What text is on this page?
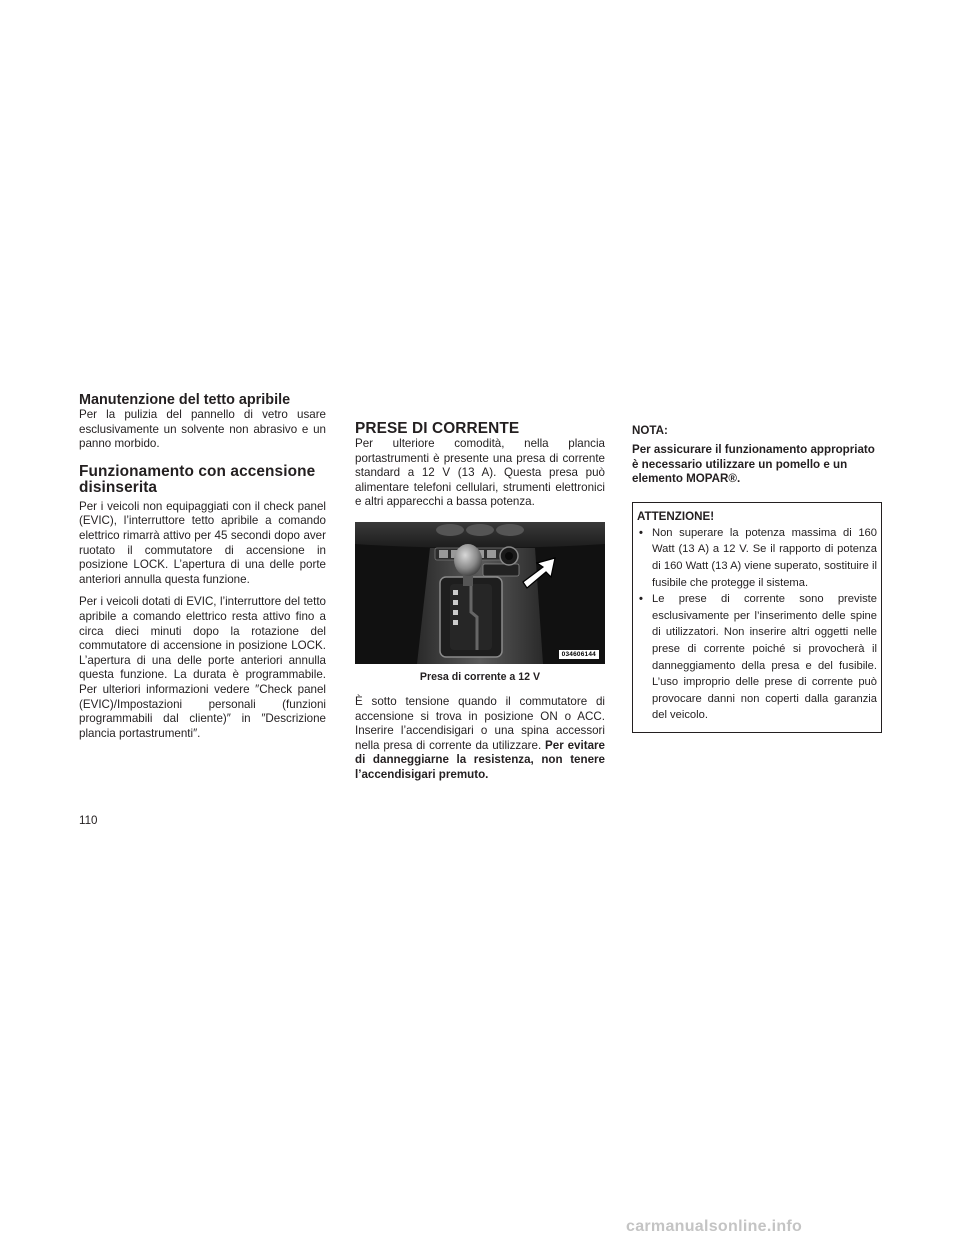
Manutenzione del tetto apribile

Per la pulizia del pannello di vetro usare esclusivamente un solvente non abrasivo e un panno morbido.

Funzionamento con accensione disinserita

Per i veicoli non equipaggiati con il check panel (EVIC), l’interruttore tetto apribile a comando elettrico rimarrà attivo per 45 secondi dopo aver ruotato il commutatore di accensione in posizione LOCK. L’apertura di una delle porte anteriori annulla questa funzione.

Per i veicoli dotati di EVIC, l’interruttore del tetto apribile a comando elettrico resta attivo fino a circa dieci minuti dopo la rotazione del commutatore di accensione in posizione LOCK. L’apertura di una delle porte anteriori annulla questa funzione. La durata è programmabile. Per ulteriori informazioni vedere ″Check panel (EVIC)/Impostazioni personali (funzioni programmabili dal cliente)″ in ″Descrizione plancia portastrumenti″.

PRESE DI CORRENTE

Per ulteriore comodità, nella plancia portastrumenti è presente una presa di corrente standard a 12 V (13 A). Questa presa può alimentare telefoni cellulari, strumenti elettronici e altri apparecchi a bassa potenza.

034606144
Presa di corrente a 12 V

È sotto tensione quando il commutatore di accensione si trova in posizione ON o ACC. Inserire l’accendisigari o una spina accessori nella presa di corrente da utilizzare. Per evitare di danneggiarne la resistenza, non tenere l’accendisigari premuto.

NOTA:
Per assicurare il funzionamento appropriato è necessario utilizzare un pomello e un elemento MOPAR®.
ATTENZIONE!
• Non superare la potenza massima di 160 Watt (13 A) a 12 V. Se il rapporto di potenza di 160 Watt (13 A) viene superato, sostituire il fusibile che protegge il sistema.
• Le prese di corrente sono previste esclusivamente per l’inserimento delle spine di utilizzatori. Non inserire altri oggetti nelle prese di corrente poiché si provocherà il danneggiamento della presa e del fusibile. L’uso improprio delle prese di corrente può provocare danni non coperti dalla garanzia del veicolo.
110
carmanualsonline.info
